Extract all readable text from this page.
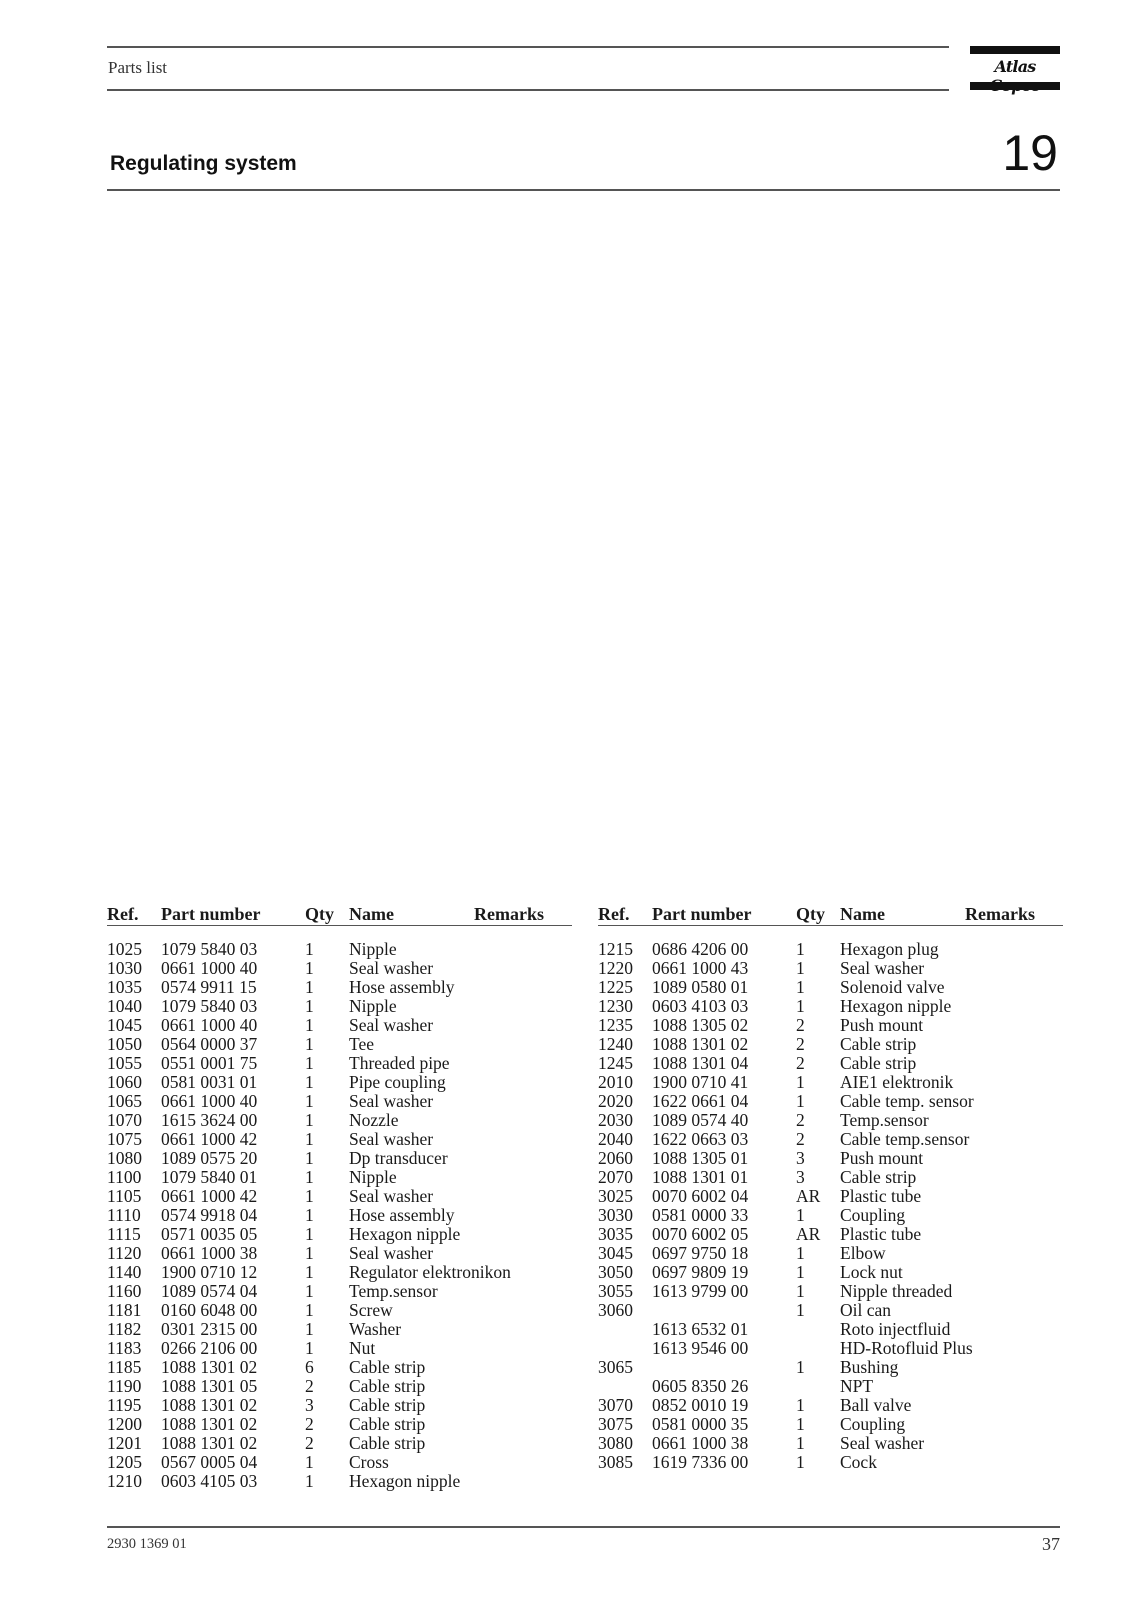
Parts list	Atlas
Regulating system	19
Ref.	Part number	Qty	Name	Remarks

1025	1079 5840 03	1	Nipple	
1030	0661 1000 40	1	Seal washer	
1035	0574 9911 15	1	Hose assembly	
1040	1079 5840 03	1	Nipple	
1045	0661 1000 40	1	Seal washer	
1050	0564 0000 37	1	Tee	
1055	0551 0001 75	1	Threaded pipe	
1060	0581 0031 01	1	Pipe coupling	
1065	0661 1000 40	1	Seal washer	
1070	1615 3624 00	1	Nozzle	
1075	0661 1000 42	1	Seal washer	
1080	1089 0575 20	1	Dp transducer	
1100	1079 5840 01	1	Nipple	
1105	0661 1000 42	1	Seal washer	
1110	0574 9918 04	1	Hose assembly	
1115	0571 0035 05	1	Hexagon nipple	
1120	0661 1000 38	1	Seal washer	
1140	1900 0710 12	1	Regulator elektronikon	
1160	1089 0574 04	1	Temp.sensor	
1181	0160 6048 00	1	Screw	
1182	0301 2315 00	1	Washer	
1183	0266 2106 00	1	Nut	
1185	1088 1301 02	6	Cable strip	
1190	1088 1301 05	2	Cable strip	
1195	1088 1301 02	3	Cable strip	
1200	1088 1301 02	2	Cable strip	
1201	1088 1301 02	2	Cable strip	
1205	0567 0005 04	1	Cross	
1210	0603 4105 03	1	Hexagon nipple	
Ref.	Part number	Qty	Name	Remarks

1215	0686 4206 00	1	Hexagon plug	
1220	0661 1000 43	1	Seal washer	
1225	1089 0580 01	1	Solenoid valve	
1230	0603 4103 03	1	Hexagon nipple	
1235	1088 1305 02	2	Push mount	
1240	1088 1301 02	2	Cable strip	
1245	1088 1301 04	2	Cable strip	
2010	1900 0710 41	1	AIE1 elektronik	
2020	1622 0661 04	1	Cable temp. sensor	
2030	1089 0574 40	2	Temp.sensor	
2040	1622 0663 03	2	Cable temp.sensor	
2060	1088 1305 01	3	Push mount	
2070	1088 1301 01	3	Cable strip	
3025	0070 6002 04	AR	Plastic tube	
3030	0581 0000 33	1	Coupling	
3035	0070 6002 05	AR	Plastic tube	
3045	0697 9750 18	1	Elbow	
3050	0697 9809 19	1	Lock nut	
3055	1613 9799 00	1	Nipple threaded	
3060		1	Oil can	
	1613 6532 01		Roto injectfluid	
	1613 9546 00		HD-Rotofluid Plus	
3065		1	Bushing	
	0605 8350 26		NPT	
3070	0852 0010 19	1	Ball valve	
3075	0581 0000 35	1	Coupling	
3080	0661 1000 38	1	Seal washer	
3085	1619 7336 00	1	Cock	
2930 1369 01	37
